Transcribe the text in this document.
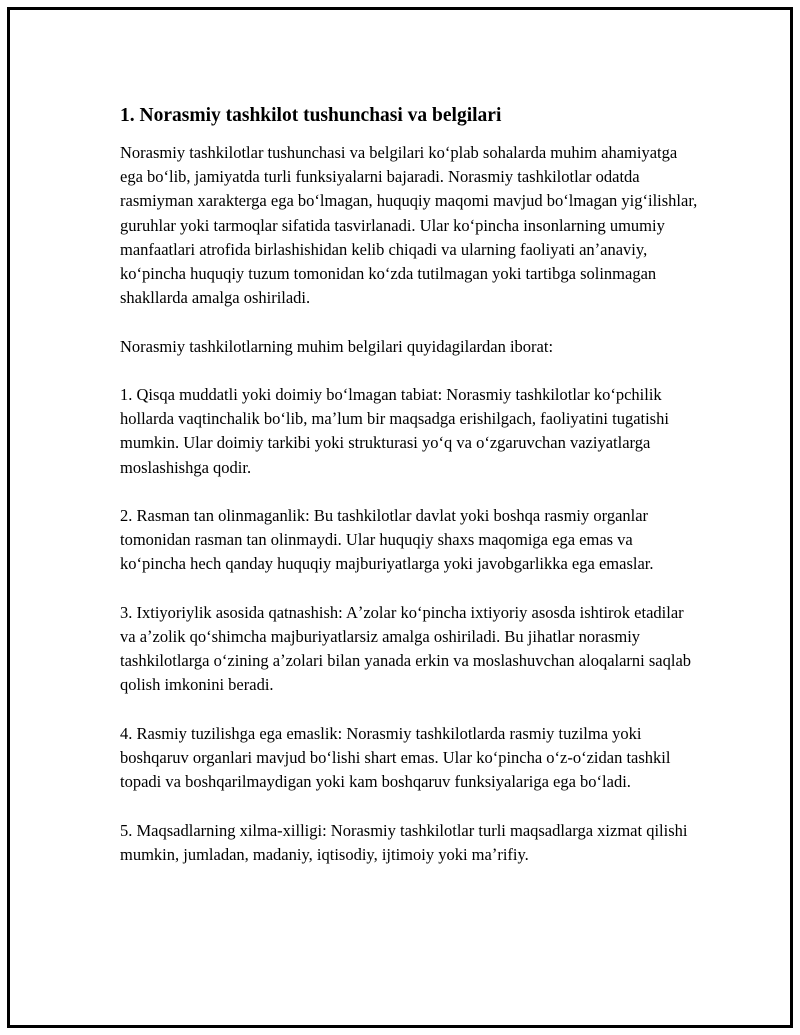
1. Norasmiy tashkilot tushunchasi va belgilari

Norasmiy tashkilotlar tushunchasi va belgilari koʻplab sohalarda muhim ahamiyatga ega boʻlib, jamiyatda turli funksiyalarni bajaradi. Norasmiy tashkilotlar odatda rasmiyman xarakterga ega boʻlmagan, huquqiy maqomi mavjud boʻlmagan yigʻilishlar, guruhlar yoki tarmoqlar sifatida tasvirlanadi. Ular koʻpincha insonlarning umumiy manfaatlari atrofida birlashishidan kelib chiqadi va ularning faoliyati anʼanaviy, koʻpincha huquqiy tuzum tomonidan koʻzda tutilmagan yoki tartibga solinmagan shakllarda amalga oshiriladi.

Norasmiy tashkilotlarning muhim belgilari quyidagilardan iborat:

1. Qisqa muddatli yoki doimiy boʻlmagan tabiat: Norasmiy tashkilotlar koʻpchilik hollarda vaqtinchalik boʻlib, maʼlum bir maqsadga erishilgach, faoliyatini tugatishi mumkin. Ular doimiy tarkibi yoki strukturasi yoʻq va oʻzgaruvchan vaziyatlarga moslashishga qodir.

2. Rasman tan olinmaganlik: Bu tashkilotlar davlat yoki boshqa rasmiy organlar tomonidan rasman tan olinmaydi. Ular huquqiy shaxs maqomiga ega emas va koʻpincha hech qanday huquqiy majburiyatlarga yoki javobgarlikka ega emaslar.

3. Ixtiyoriylik asosida qatnashish: Aʼzolar koʻpincha ixtiyoriy asosda ishtirok etadilar va aʼzolik qoʻshimcha majburiyatlarsiz amalga oshiriladi. Bu jihatlar norasmiy tashkilotlarga oʻzining aʼzolari bilan yanada erkin va moslashuvchan aloqalarni saqlab qolish imkonini beradi.

4. Rasmiy tuzilishga ega emaslik: Norasmiy tashkilotlarda rasmiy tuzilma yoki boshqaruv organlari mavjud boʻlishi shart emas. Ular koʻpincha oʻz-oʻzidan tashkil topadi va boshqarilmaydigan yoki kam boshqaruv funksiyalariga ega boʻladi.

5. Maqsadlarning xilma-xilligi: Norasmiy tashkilotlar turli maqsadlarga xizmat qilishi mumkin, jumladan, madaniy, iqtisodiy, ijtimoiy yoki maʼrifiy.
